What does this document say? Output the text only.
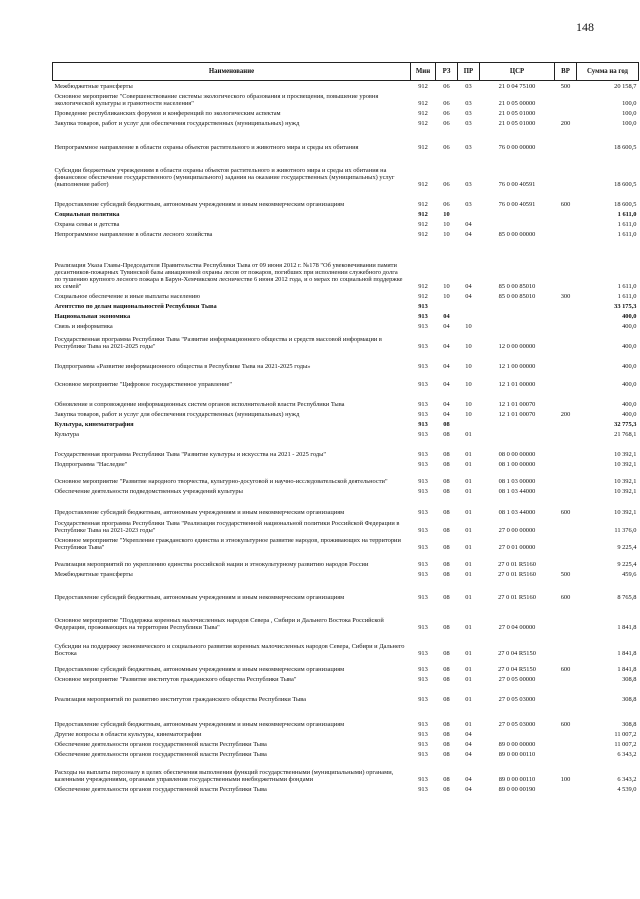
148
Наименование	Мин	РЗ	ПР	ЦСР	ВР	Сумма на год
Межбюджетные трансферты	912	06	03	21 0 04 75100	500	20 158,7
Основное мероприятие "Совершенствование системы экологического образования и просвещения, повышение уровня экологической культуры и грамотности населения"	912	06	03	21 0 05 00000		100,0
Проведение республиканских форумов и конференций по экологическим аспектам	912	06	03	21 0 05 01000		100,0
Закупка товаров, работ и услуг для обеспечения государственных (муниципальных) нужд	912	06	03	21 0 05 01000	200	100,0
Непрограммное направление в области охраны объектов растительного и животного мира и среды их обитания	912	06	03	76 0 00 00000		18 600,5
Субсидии бюджетным учреждениям в области охраны объектов растительного и животного мира и среды их обитания на финансовое обеспечение государственного (муниципального) задания на оказание государственных (муниципальных) услуг (выполнение работ)	912	06	03	76 0 00 40591		18 600,5
Предоставление субсидий бюджетным, автономным учреждениям и иным некоммерческим организациям	912	06	03	76 0 00 40591	600	18 600,5
Социальная политика	912	10				1 611,0
Охрана семьи и детства	912	10	04			1 611,0
Непрограммное направление в области лесного хозяйства	912	10	04	85 0 00 00000		1 611,0
Реализация Указа Главы-Председателя Правительства Республики Тыва от 09 июня 2012 г. №178 "Об увековечивании памяти десантников-пожарных Тувинской базы авиационной охраны лесов от пожаров, погибших при исполнении служебного долга по тушению крупного лесного пожара в Барун-Хемчикском лесничестве 6 июня 2012 года, и о мерах по социальной поддержке их семей"	912	10	04	85 0 00 85010		1 611,0
Социальное обеспечение и иные выплаты населению	912	10	04	85 0 00 85010	300	1 611,0
Агентство по делам национальностей Республики Тыва	913					33 175,3
Национальная экономика	913	04				400,0
Связь и информатика	913	04	10			400,0
Государственная программа Республики Тыва "Развитие информационного общества и средств массовой информации в Республике Тыва на 2021-2025 годы"	913	04	10	12 0 00 00000		400,0
Подпрограмма «Развитие информационного общества в Республике Тыва на 2021-2025 годы»	913	04	10	12 1 00 00000		400,0
Основное мероприятие "Цифровое государственное управление"	913	04	10	12 1 01 00000		400,0
Обновление и сопровождение информационных систем органов исполнительной власти Республики Тыва	913	04	10	12 1 01 00070		400,0
Закупка товаров, работ и услуг для обеспечения государственных (муниципальных) нужд	913	04	10	12 1 01 00070	200	400,0
Культура, кинематография	913	08				32 775,3
Культура	913	08	01			21 768,1
Государственная программа Республики Тыва "Развитие культуры и искусства на 2021 - 2025 годы"	913	08	01	08 0 00 00000		10 392,1
Подпрограмма "Наследие"	913	08	01	08 1 00 00000		10 392,1
Основное мероприятие "Развитие народного творчества, культурно-досуговой и научно-исследовательской деятельности"	913	08	01	08 1 03 00000		10 392,1
Обеспечение деятельности подведомственных учреждений культуры	913	08	01	08 1 03 44000		10 392,1
Предоставление субсидий бюджетным, автономным учреждениям и иным некоммерческим организациям	913	08	01	08 1 03 44000	600	10 392,1
Государственная программа Республики Тыва "Реализация государственной национальной политики Российской Федерации в Республике Тыва на 2021-2023 годы"	913	08	01	27 0 00 00000		11 376,0
Основное мероприятие "Укрепление гражданского единства и этнокультурное развитие народов, проживающих на территории Республики Тыва"	913	08	01	27 0 01 00000		9 225,4
Реализация мероприятий по укреплению единства российской нации и этнокультурному развитию народов России	913	08	01	27 0 01 R5160		9 225,4
Межбюджетные трансферты	913	08	01	27 0 01 R5160	500	459,6
Предоставление субсидий бюджетным, автономным учреждениям и иным некоммерческим организациям	913	08	01	27 0 01 R5160	600	8 765,8
Основное мероприятие "Поддержка коренных малочисленных народов Севера , Сибири и Дальнего Востока Российской Федерации, проживающих на территории Республики Тыва"	913	08	01	27 0 04 00000		1 841,8
Субсидии на поддержку экономического и социального развития коренных малочисленных народов Севера, Сибири и Дальнего Востока	913	08	01	27 0 04 R5150		1 841,8
Предоставление субсидий бюджетным, автономным учреждениям и иным некоммерческим организациям	913	08	01	27 0 04 R5150	600	1 841,8
Основное мероприятие "Развитие институтов гражданского общества Республики Тыва"	913	08	01	27 0 05 00000		308,8
Реализация мероприятий по развитию институтов гражданского общества Республики Тыва	913	08	01	27 0 05 03000		308,8
Предоставление субсидий бюджетным, автономным учреждениям и иным некоммерческим организациям	913	08	01	27 0 05 03000	600	308,8
Другие вопросы в области культуры, кинематографии	913	08	04			11 007,2
Обеспечение деятельности органов государственной власти Республики Тыва	913	08	04	89 0 00 00000		11 007,2
Обеспечение деятельности органов государственной власти Республики Тыва	913	08	04	89 0 00 00110		6 343,2
Расходы на выплаты персоналу в целях обеспечения выполнения функций государственными (муниципальными) органами, казенными учреждениями, органами управления государственными внебюджетными фондами	913	08	04	89 0 00 00110	100	6 343,2
Обеспечение деятельности органов государственной власти Республики Тыва	913	08	04	89 0 00 00190		4 539,0
